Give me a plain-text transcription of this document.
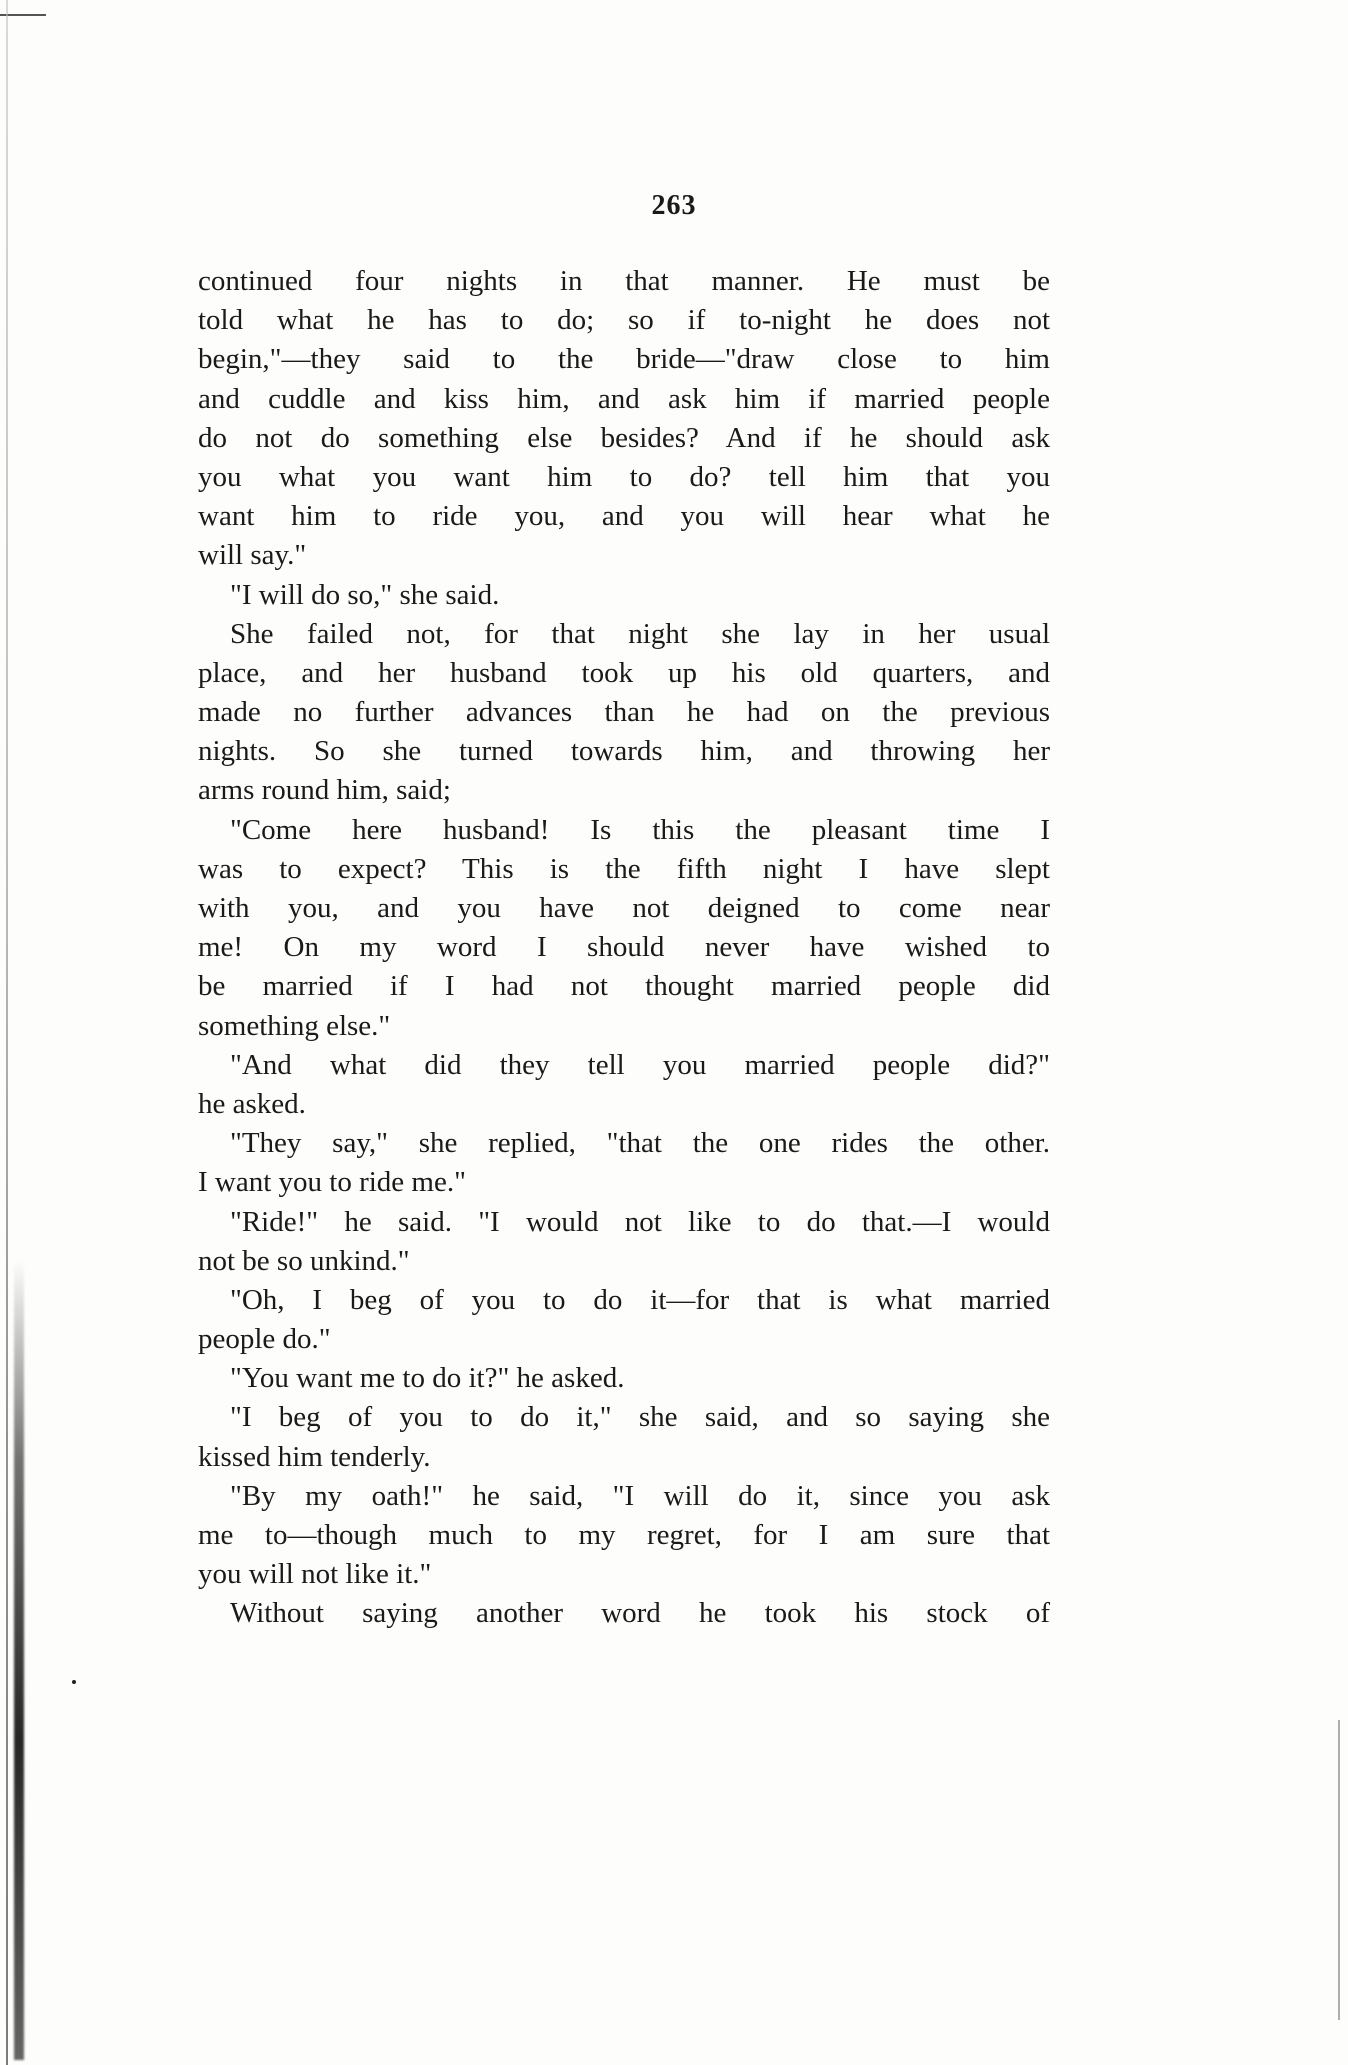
263
continued four nights in that manner. He must be
told what he has to do; so if to-night he does not
begin,"—they said to the bride—"draw close to him
and cuddle and kiss him, and ask him if married people
do not do something else besides? And if he should ask
you what you want him to do? tell him that you
want him to ride you, and you will hear what he
will say."
"I will do so," she said.
She failed not, for that night she lay in her usual
place, and her husband took up his old quarters, and
made no further advances than he had on the previous
nights. So she turned towards him, and throwing her
arms round him, said;
"Come here husband! Is this the pleasant time I
was to expect? This is the fifth night I have slept
with you, and you have not deigned to come near
me! On my word I should never have wished to
be married if I had not thought married people did
something else."
"And what did they tell you married people did?"
he asked.
"They say," she replied, "that the one rides the other.
I want you to ride me."
"Ride!" he said. "I would not like to do that.—I would
not be so unkind."
"Oh, I beg of you to do it—for that is what married
people do."
"You want me to do it?" he asked.
"I beg of you to do it," she said, and so saying she
kissed him tenderly.
"By my oath!" he said, "I will do it, since you ask
me to—though much to my regret, for I am sure that
you will not like it."
Without saying another word he took his stock of
